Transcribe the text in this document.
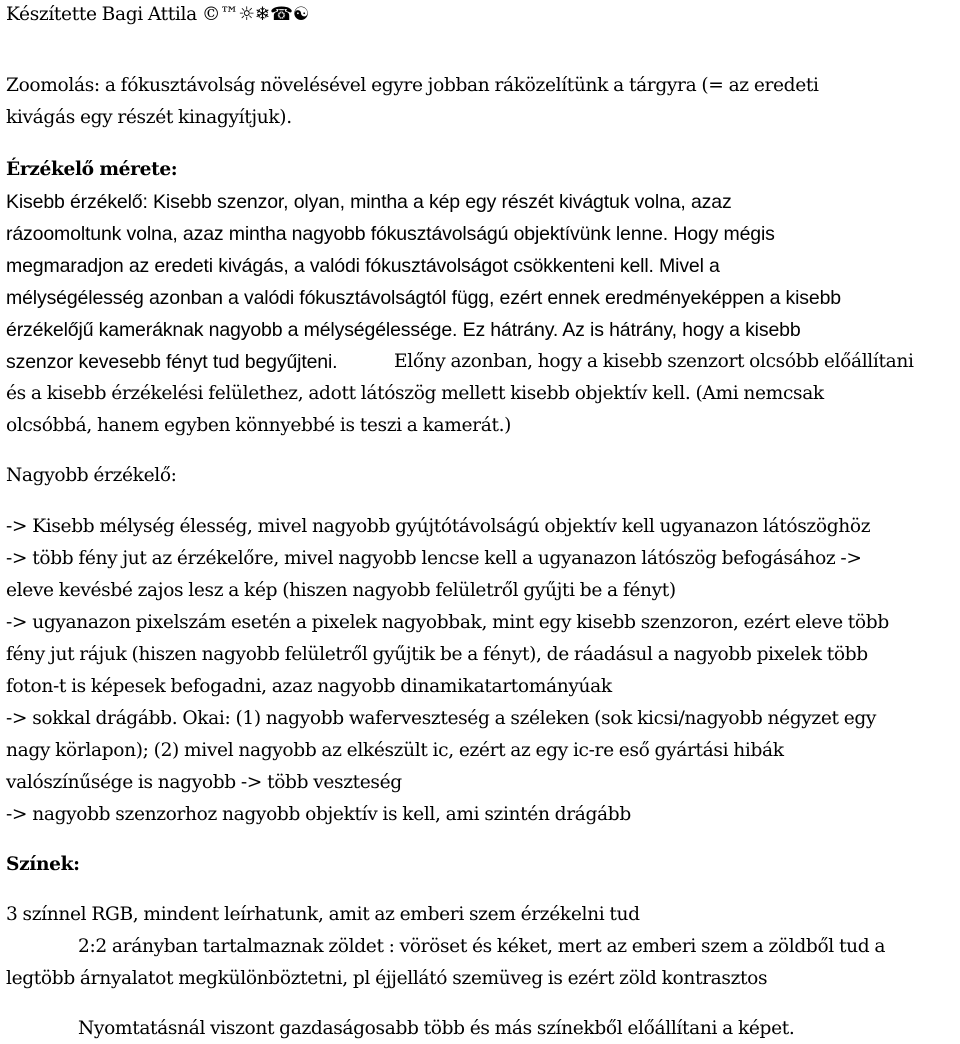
Készítette Bagi Attila ©™☼❄☎☯
Zoomolás: a fókusztávolság növelésével egyre jobban ráközelítünk a tárgyra (= az eredeti
kivágás egy részét kinagyítjuk).
Érzékelő mérete:
Kisebb érzékelő: Kisebb szenzor, olyan, mintha a kép egy részét kivágtuk volna, azaz
rázoomoltunk volna, azaz mintha nagyobb fókusztávolságú objektívünk lenne. Hogy mégis
megmaradjon az eredeti kivágás, a valódi fókusztávolságot csökkenteni kell. Mivel a
mélységélesség azonban a valódi fókusztávolságtól függ, ezért ennek eredményeképpen a kisebb
érzékelőjű kameráknak nagyobb a mélységélessége. Ez hátrány. Az is hátrány, hogy a kisebb
szenzor kevesebb fényt tud begyűjteni.	Előny azonban, hogy a kisebb szenzort olcsóbb előállítani
és a kisebb érzékelési felülethez, adott látószög mellett kisebb objektív kell. (Ami nemcsak
olcsóbbá, hanem egyben könnyebbé is teszi a kamerát.)
Nagyobb érzékelő:
-> Kisebb mélység élesség, mivel nagyobb gyújtótávolságú objektív kell ugyanazon látószöghöz
-> több fény jut az érzékelőre, mivel nagyobb lencse kell a ugyanazon látószög befogásához ->
eleve kevésbé zajos lesz a kép (hiszen nagyobb felületről gyűjti be a fényt)
-> ugyanazon pixelszám esetén a pixelek nagyobbak, mint egy kisebb szenzoron, ezért eleve több
fény jut rájuk (hiszen nagyobb felületről gyűjtik be a fényt), de ráadásul a nagyobb pixelek több
foton-t is képesek befogadni, azaz nagyobb dinamikatartományúak
-> sokkal drágább. Okai: (1) nagyobb waferveszteség a széleken (sok kicsi/nagyobb négyzet egy
nagy körlapon); (2) mivel nagyobb az elkészült ic, ezért az egy ic-re eső gyártási hibák
valószínűsége is nagyobb -> több veszteség
-> nagyobb szenzorhoz nagyobb objektív is kell, ami szintén drágább
Színek:
3 színnel RGB, mindent leírhatunk, amit az emberi szem érzékelni tud
2:2 arányban tartalmaznak zöldet : vöröset és kéket, mert az emberi szem a zöldből tud a
legtöbb árnyalatot megkülönböztetni, pl éjjellátó szemüveg is ezért zöld kontrasztos
Nyomtatásnál viszont gazdaságosabb több és más színekből előállítani a képet.
